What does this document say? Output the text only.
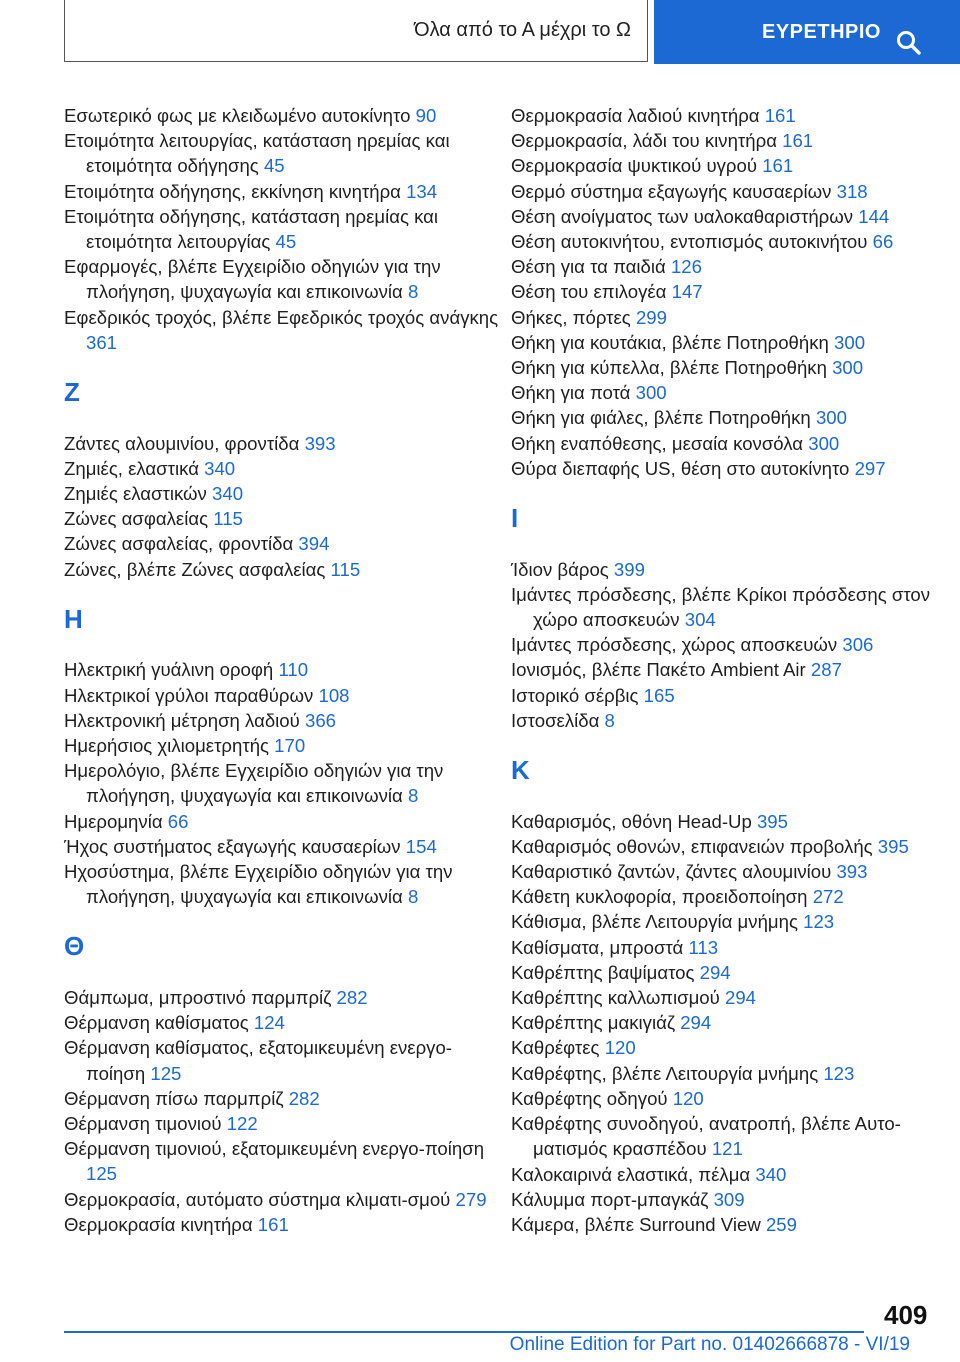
Όλα από το Α μέχρι το Ω	ΕΥΡΕΤΗΡΙΟ
Εσωτερικό φως με κλειδωμένο αυτοκίνητο 90
Ετοιμότητα λειτουργίας, κατάσταση ηρεμίας και ετοιμότητα οδήγησης 45
Ετοιμότητα οδήγησης, εκκίνηση κινητήρα 134
Ετοιμότητα οδήγησης, κατάσταση ηρεμίας και ετοιμότητα λειτουργίας 45
Εφαρμογές, βλέπε Εγχειρίδιο οδηγιών για την πλοήγηση, ψυχαγωγία και επικοινωνία 8
Εφεδρικός τροχός, βλέπε Εφεδρικός τροχός ανάγκης 361
Z
Ζάντες αλουμινίου, φροντίδα 393
Ζημιές, ελαστικά 340
Ζημιές ελαστικών 340
Ζώνες ασφαλείας 115
Ζώνες ασφαλείας, φροντίδα 394
Ζώνες, βλέπε Ζώνες ασφαλείας 115
H
Ηλεκτρική γυάλινη οροφή 110
Ηλεκτρικοί γρύλοι παραθύρων 108
Ηλεκτρονική μέτρηση λαδιού 366
Ημερήσιος χιλιομετρητής 170
Ημερολόγιο, βλέπε Εγχειρίδιο οδηγιών για την πλοήγηση, ψυχαγωγία και επικοινωνία 8
Ημερομηνία 66
Ήχος συστήματος εξαγωγής καυσαερίων 154
Ηχοσύστημα, βλέπε Εγχειρίδιο οδηγιών για την πλοήγηση, ψυχαγωγία και επικοινωνία 8
Θ
Θάμπωμα, μπροστινό παρμπρίζ 282
Θέρμανση καθίσματος 124
Θέρμανση καθίσματος, εξατομικευμένη ενεργο-ποίηση 125
Θέρμανση πίσω παρμπρίζ 282
Θέρμανση τιμονιού 122
Θέρμανση τιμονιού, εξατομικευμένη ενεργο-ποίηση 125
Θερμοκρασία, αυτόματο σύστημα κλιματι-σμού 279
Θερμοκρασία κινητήρα 161
Θερμοκρασία λαδιού κινητήρα 161
Θερμοκρασία, λάδι του κινητήρα 161
Θερμοκρασία ψυκτικού υγρού 161
Θερμό σύστημα εξαγωγής καυσαερίων 318
Θέση ανοίγματος των υαλοκαθαριστήρων 144
Θέση αυτοκινήτου, εντοπισμός αυτοκινήτου 66
Θέση για τα παιδιά 126
Θέση του επιλογέα 147
Θήκες, πόρτες 299
Θήκη για κουτάκια, βλέπε Ποτηροθήκη 300
Θήκη για κύπελλα, βλέπε Ποτηροθήκη 300
Θήκη για ποτά 300
Θήκη για φιάλες, βλέπε Ποτηροθήκη 300
Θήκη εναπόθεσης, μεσαία κονσόλα 300
Θύρα διεπαφής US, θέση στο αυτοκίνητο 297
I
Ίδιον βάρος 399
Ιμάντες πρόσδεσης, βλέπε Κρίκοι πρόσδεσης στον χώρο αποσκευών 304
Ιμάντες πρόσδεσης, χώρος αποσκευών 306
Ιονισμός, βλέπε Πακέτο Ambient Air 287
Ιστορικό σέρβις 165
Ιστοσελίδα 8
K
Καθαρισμός, οθόνη Head-Up 395
Καθαρισμός οθονών, επιφανειών προβολής 395
Καθαριστικό ζαντών, ζάντες αλουμινίου 393
Κάθετη κυκλοφορία, προειδοποίηση 272
Κάθισμα, βλέπε Λειτουργία μνήμης 123
Καθίσματα, μπροστά 113
Καθρέπτης βαψίματος 294
Καθρέπτης καλλωπισμού 294
Καθρέπτης μακιγιάζ 294
Καθρέφτες 120
Καθρέφτης, βλέπε Λειτουργία μνήμης 123
Καθρέφτης οδηγού 120
Καθρέφτης συνοδηγού, ανατροπή, βλέπε Αυτο-ματισμός κρασπέδου 121
Καλοκαιρινά ελαστικά, πέλμα 340
Κάλυμμα πορτ-μπαγκάζ 309
Κάμερα, βλέπε Surround View 259
409
Online Edition for Part no. 01402666878 - VI/19
